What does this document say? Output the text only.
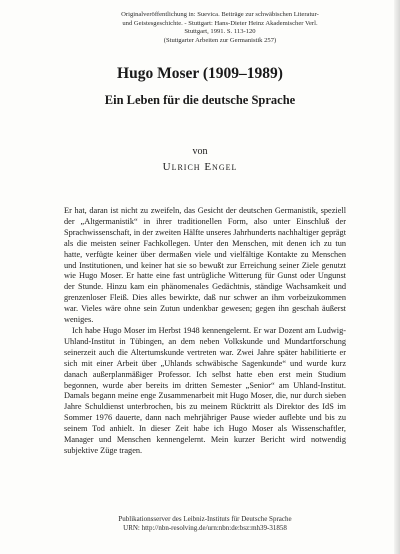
Originalveröffentlichung in: Suevica. Beiträge zur schwäbischen Literatur-
und Geistesgeschichte. - Stuttgart: Hans-Dieter Heinz Akademischer Verl.
Stuttgart, 1991. S. 113-120
(Stuttgarter Arbeiten zur Germanistik 257)
Hugo Moser (1909–1989)
Ein Leben für die deutsche Sprache
von
Ulrich Engel

Er hat, daran ist nicht zu zweifeln, das Gesicht der deutschen Germanistik, speziell der „Altgermanistik“ in ihrer traditionellen Form, also unter Einschluß der Sprachwissenschaft, in der zweiten Hälfte unseres Jahrhunderts nachhaltiger geprägt als die meisten seiner Fachkollegen. Unter den Menschen, mit denen ich zu tun hatte, verfügte keiner über dermaßen viele und vielfältige Kontakte zu Menschen und Institutionen, und keiner hat sie so bewußt zur Erreichung seiner Ziele genutzt wie Hugo Moser. Er hatte eine fast untrügliche Witterung für Gunst oder Ungunst der Stunde. Hinzu kam ein phänomenales Gedächtnis, ständige Wachsamkeit und grenzenloser Fleiß. Dies alles bewirkte, daß nur schwer an ihm vorbeizukommen war. Vieles wäre ohne sein Zutun undenkbar gewesen; gegen ihn geschah äußerst weniges.

Ich habe Hugo Moser im Herbst 1948 kennengelernt. Er war Dozent am Ludwig-Uhland-Institut in Tübingen, an dem neben Volkskunde und Mundartforschung seinerzeit auch die Altertumskunde vertreten war. Zwei Jahre später habilitierte er sich mit einer Arbeit über „Uhlands schwäbische Sagenkunde“ und wurde kurz danach außerplanmäßiger Professor. Ich selbst hatte eben erst mein Studium begonnen, wurde aber bereits im dritten Semester „Senior“ am Uhland-Institut. Damals begann meine enge Zusammenarbeit mit Hugo Moser, die, nur durch sieben Jahre Schuldienst unterbrochen, bis zu meinem Rücktritt als Direktor des IdS im Sommer 1976 dauerte, dann nach mehrjähriger Pause wieder auflebte und bis zu seinem Tod anhielt. In dieser Zeit habe ich Hugo Moser als Wissenschaftler, Manager und Menschen kennengelernt. Mein kurzer Bericht wird notwendig subjektive Züge tragen.

Publikationsserver des Leibniz-Instituts für Deutsche Sprache
URN: http://nbn-resolving.de/urn:nbn:de:bsz:mh39-31858
